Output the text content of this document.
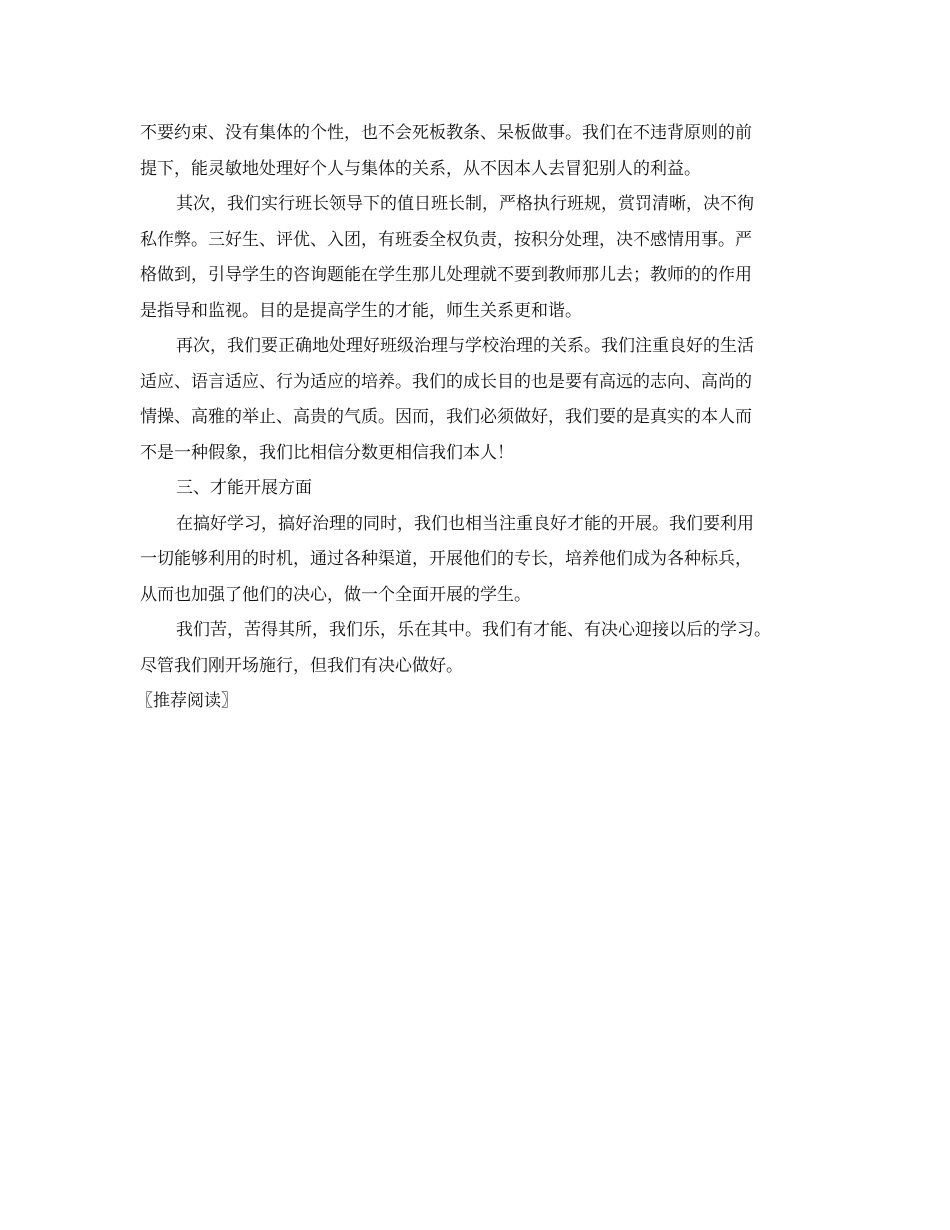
不要约束、没有集体的个性，也不会死板教条、呆板做事。我们在不违背原则的前
提下，能灵敏地处理好个人与集体的关系，从不因本人去冒犯别人的利益。
其次，我们实行班长领导下的值日班长制，严格执行班规，赏罚清晰，决不徇
私作弊。三好生、评优、入团，有班委全权负责，按积分处理，决不感情用事。严
格做到，引导学生的咨询题能在学生那儿处理就不要到教师那儿去；教师的的作用
是指导和监视。目的是提高学生的才能，师生关系更和谐。
再次，我们要正确地处理好班级治理与学校治理的关系。我们注重良好的生活
适应、语言适应、行为适应的培养。我们的成长目的也是要有高远的志向、高尚的
情操、高雅的举止、高贵的气质。因而，我们必须做好，我们要的是真实的本人而
不是一种假象，我们比相信分数更相信我们本人！
三、才能开展方面
在搞好学习，搞好治理的同时，我们也相当注重良好才能的开展。我们要利用
一切能够利用的时机，通过各种渠道，开展他们的专长，培养他们成为各种标兵，
从而也加强了他们的决心，做一个全面开展的学生。
我们苦，苦得其所，我们乐，乐在其中。我们有才能、有决心迎接以后的学习。
尽管我们刚开场施行，但我们有决心做好。
〖推荐阅读〗
